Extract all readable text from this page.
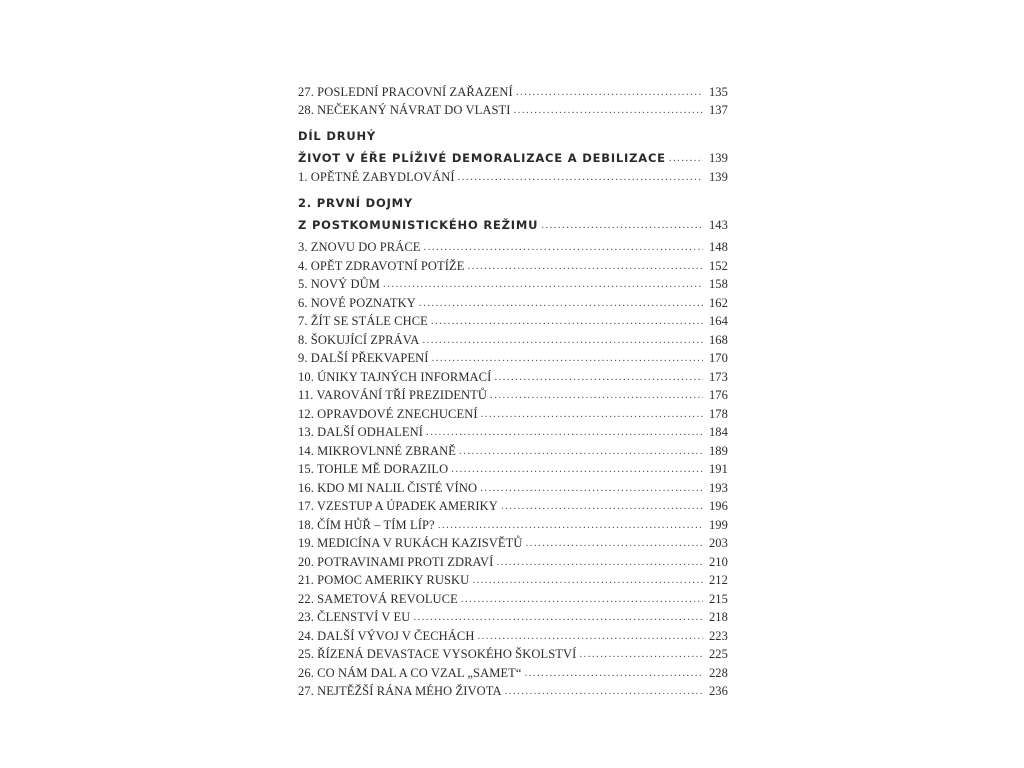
27. POSLEDNÍ PRACOVNÍ ZAŘAZENÍ .....	135
28. NEČEKANÝ NÁVRAT DO VLASTI .....	137
DÍL DRUHÝ
ŽIVOT V ÉŘE PLÍŽIVÉ DEMORALIZACE A DEBILIZACE .....	139
1. OPĚTNÉ ZABYDLOVÁNÍ .....	139
2. PRVNÍ DOJMY
Z POSTKOMUNISTICKÉHO REŽIMU .....	143
3. ZNOVU DO PRÁCE .....	148
4. OPĚT ZDRAVOTNÍ POTÍŽE .....	152
5. NOVÝ DŮM .....	158
6. NOVÉ POZNATKY .....	162
7. ŽÍT SE STÁLE CHCE .....	164
8. ŠOKUJÍCÍ ZPRÁVA .....	168
9. DALŠÍ PŘEKVAPENÍ .....	170
10. ÚNIKY TAJNÝCH INFORMACÍ .....	173
11. VAROVÁNÍ TŘÍ PREZIDENTŮ .....	176
12. OPRAVDOVÉ ZNECHUCENÍ .....	178
13. DALŠÍ ODHALENÍ .....	184
14. MIKROVLNNÉ ZBRANĚ .....	189
15. TOHLE MĚ DORAZILO .....	191
16. KDO MI NALIL ČISTÉ VÍNO .....	193
17. VZESTUP A ÚPADEK AMERIKY .....	196
18. ČÍM HŮŘ – TÍM LÍP? .....	199
19. MEDICÍNA V RUKÁCH KAZISVĚTŮ .....	203
20. POTRAVINAMI PROTI ZDRAVÍ .....	210
21. POMOC AMERIKY RUSKU .....	212
22. SAMETOVÁ REVOLUCE .....	215
23. ČLENSTVÍ V EU .....	218
24. DALŠÍ VÝVOJ V ČECHÁCH .....	223
25. ŘÍZENÁ DEVASTACE VYSOKÉHO ŠKOLSTVÍ .....	225
26. CO NÁM DAL A CO VZAL „SAMET“ .....	228
27. NEJTĚŽŠÍ RÁNA MÉHO ŽIVOTA .....	236
